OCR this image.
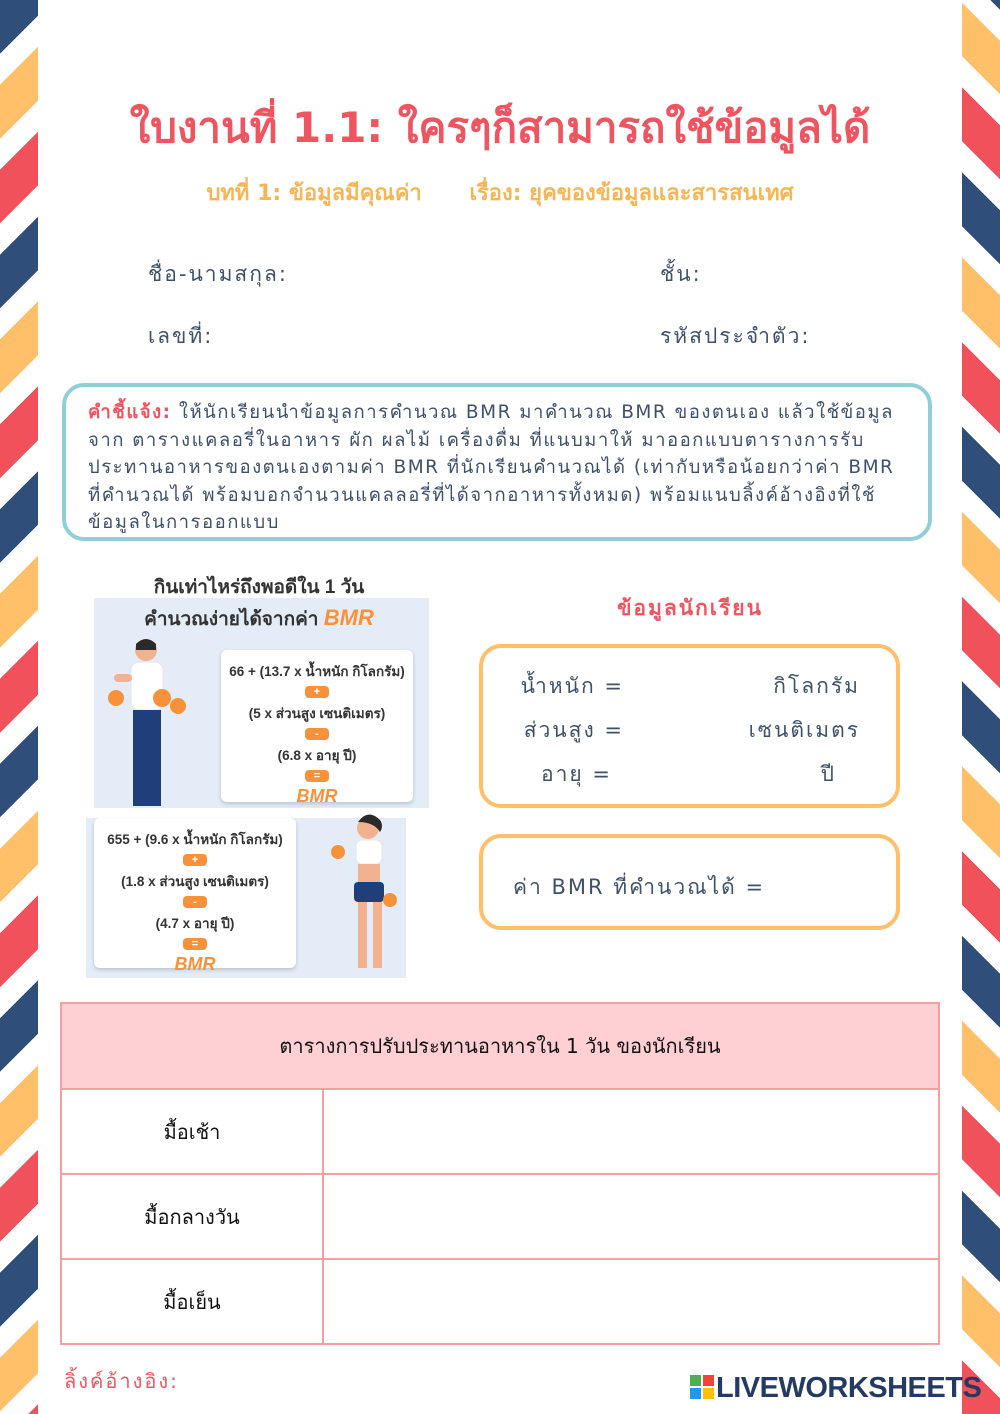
ใบงานที่ 1.1: ใครๆก็สามารถใช้ข้อมูลได้
บทที่ 1: ข้อมูลมีคุณค่า เรื่อง: ยุคของข้อมูลและสารสนเทศ
ชื่อ-นามสกุล:	ชั้น:
เลขที่:	รหัสประจำตัว:
คำชี้แจ้ง: ให้นักเรียนนำข้อมูลการคำนวณ BMR มาคำนวณ BMR ของตนเอง แล้วใช้ข้อมูลจาก ตารางแคลอรี่ในอาหาร ผัก ผลไม้ เครื่องดื่ม ที่แนบมาให้ มาออกแบบตารางการรับประทานอาหารของตนเองตามค่า BMR ที่นักเรียนคำนวณได้ (เท่ากับหรือน้อยกว่าค่า BMR ที่คำนวณได้ พร้อมบอกจำนวนแคลลอรี่ที่ได้จากอาหารทั้งหมด) พร้อมแนบลิ้งค์อ้างอิงที่ใช้ข้อมูลในการออกแบบ
กินเท่าไหร่ถึงพอดีใน 1 วัน
คำนวณง่ายได้จากค่า BMR
66 + (13.7 x น้ำหนัก กิโลกรัม)
+
(5 x ส่วนสูง เซนติเมตร)
-
(6.8 x อายุ ปี)
=
BMR
655 + (9.6 x น้ำหนัก กิโลกรัม)
+
(1.8 x ส่วนสูง เซนติเมตร)
-
(4.7 x อายุ ปี)
=
BMR
ข้อมูลนักเรียน
น้ำหนัก =	กิโลกรัม
ส่วนสูง =	เซนติเมตร
อายุ =	ปี
ค่า BMR ที่คำนวณได้ =
ตารางการปรับประทานอาหารใน 1 วัน ของนักเรียน	
มื้อเช้า	
มื้อกลางวัน	
มื้อเย็น	
ลิ้งค์อ้างอิง:	LIVEWORKSHEETS
